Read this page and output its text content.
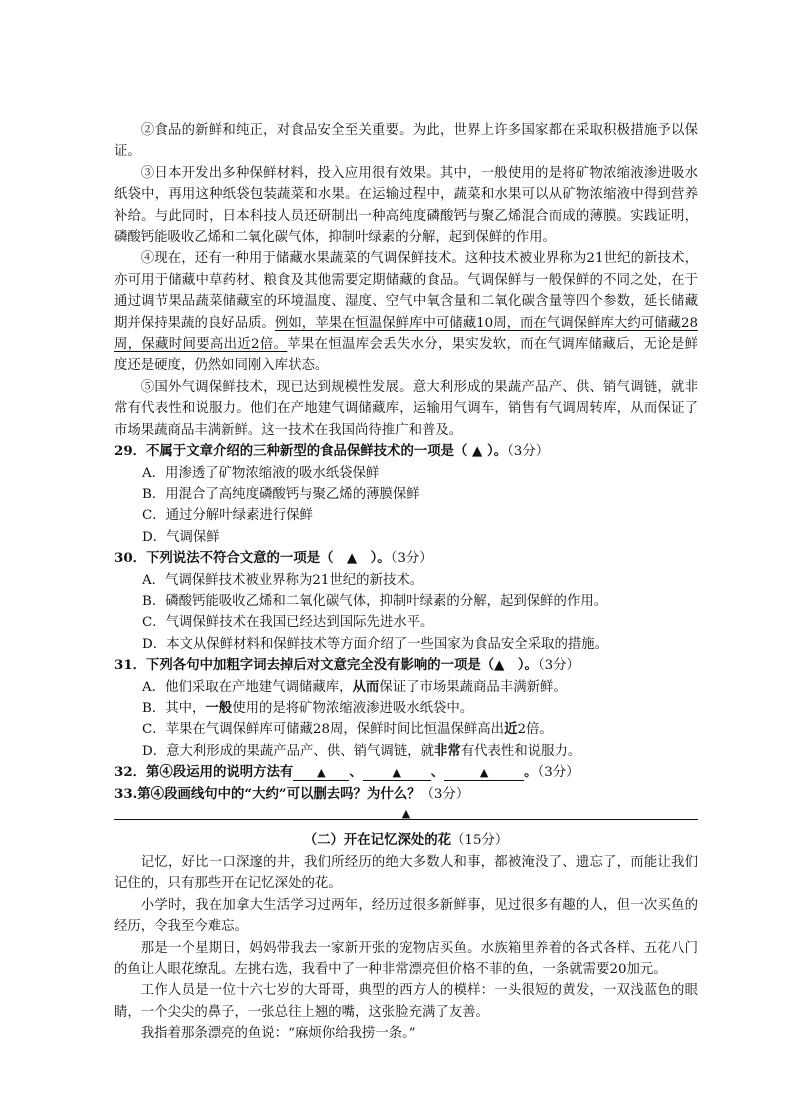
②食品的新鲜和纯正，对食品安全至关重要。为此，世界上许多国家都在采取积极措施予以保证。

③日本开发出多种保鲜材料，投入应用很有效果。其中，一般使用的是将矿物浓缩液渗进吸水纸袋中，再用这种纸袋包装蔬菜和水果。在运输过程中，蔬菜和水果可以从矿物浓缩液中得到营养补给。与此同时，日本科技人员还研制出一种高纯度磷酸钙与聚乙烯混合而成的薄膜。实践证明，磷酸钙能吸收乙烯和二氧化碳气体，抑制叶绿素的分解，起到保鲜的作用。

④现在，还有一种用于储藏水果蔬菜的气调保鲜技术。这种技术被业界称为21世纪的新技术，亦可用于储藏中草药材、粮食及其他需要定期储藏的食品。气调保鲜与一般保鲜的不同之处，在于通过调节果品蔬菜储藏室的环境温度、湿度、空气中氧含量和二氧化碳含量等四个参数，延长储藏期并保持果蔬的良好品质。例如，苹果在恒温保鲜库中可储藏10周，而在气调保鲜库大约可储藏28周，保藏时间要高出近2倍。苹果在恒温库会丢失水分，果实发软，而在气调库储藏后，无论是鲜度还是硬度，仍然如同刚入库状态。

⑤国外气调保鲜技术，现已达到规模性发展。意大利形成的果蔬产品产、供、销气调链，就非常有代表性和说服力。他们在产地建气调储藏库，运输用气调车，销售有气调周转库，从而保证了市场果蔬商品丰满新鲜。这一技术在我国尚待推广和普及。

29．不属于文章介绍的三种新型的食品保鲜技术的一项是（ ▲ ）。（3分）

A．用渗透了矿物浓缩液的吸水纸袋保鲜

B．用混合了高纯度磷酸钙与聚乙烯的薄膜保鲜

C．通过分解叶绿素进行保鲜

D．气调保鲜

30．下列说法不符合文意的一项是（　▲　）。（3分）

A．气调保鲜技术被业界称为21世纪的新技术。

B．磷酸钙能吸收乙烯和二氧化碳气体，抑制叶绿素的分解，起到保鲜的作用。

C．气调保鲜技术在我国已经达到国际先进水平。

D．本文从保鲜材料和保鲜技术等方面介绍了一些国家为食品安全采取的措施。

31．下列各句中加粗字词去掉后对文意完全没有影响的一项是（▲　）。（3分）

A．他们采取在产地建气调储藏库，从而保证了市场果蔬商品丰满新鲜。

B．其中，一般使用的是将矿物浓缩液渗进吸水纸袋中。

C．苹果在气调保鲜库可储藏28周，保鲜时间比恒温保鲜高出近2倍。

D．意大利形成的果蔬产品产、供、销气调链，就非常有代表性和说服力。

32．第④段运用的说明方法有 ▲ 、	▲ 、	▲	。（3分）

33.第④段画线句中的“大约”可以删去吗？为什么？（3分）

▲

（二）开在记忆深处的花（15分）

记忆，好比一口深邃的井，我们所经历的绝大多数人和事，都被淹没了、遗忘了，而能让我们记住的，只有那些开在记忆深处的花。

小学时，我在加拿大生活学习过两年，经历过很多新鲜事，见过很多有趣的人，但一次买鱼的经历，令我至今难忘。

那是一个星期日，妈妈带我去一家新开张的宠物店买鱼。水族箱里养着的各式各样、五花八门的鱼让人眼花缭乱。左挑右选，我看中了一种非常漂亮但价格不菲的鱼，一条就需要20加元。

工作人员是一位十六七岁的大哥哥，典型的西方人的模样：一头很短的黄发，一双浅蓝色的眼睛，一个尖尖的鼻子，一张总往上翘的嘴，这张脸充满了友善。

我指着那条漂亮的鱼说：“麻烦你给我捞一条。”
